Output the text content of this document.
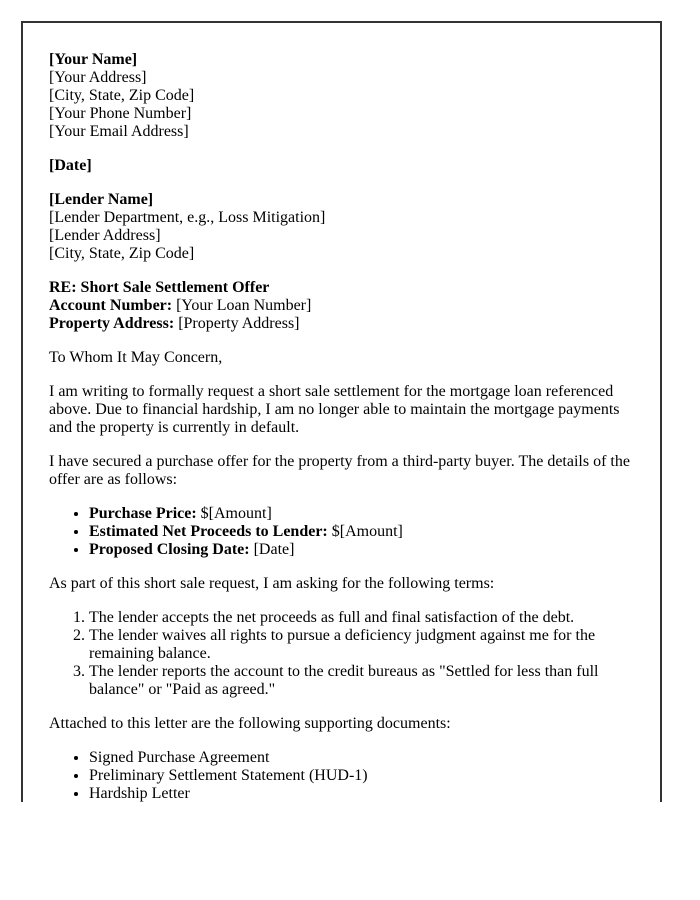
[Your Name]
[Your Address]
[City, State, Zip Code]
[Your Phone Number]
[Your Email Address]

[Date]

[Lender Name]
[Lender Department, e.g., Loss Mitigation]
[Lender Address]
[City, State, Zip Code]

RE: Short Sale Settlement Offer
Account Number: [Your Loan Number]
Property Address: [Property Address]

To Whom It May Concern,

I am writing to formally request a short sale settlement for the mortgage loan referenced above. Due to financial hardship, I am no longer able to maintain the mortgage payments and the property is currently in default.

I have secured a purchase offer for the property from a third-party buyer. The details of the offer are as follows:

• Purchase Price: $[Amount]
• Estimated Net Proceeds to Lender: $[Amount]
• Proposed Closing Date: [Date]

As part of this short sale request, I am asking for the following terms:

1. The lender accepts the net proceeds as full and final satisfaction of the debt.
2. The lender waives all rights to pursue a deficiency judgment against me for the remaining balance.
3. The lender reports the account to the credit bureaus as "Settled for less than full balance" or "Paid as agreed."

Attached to this letter are the following supporting documents:

• Signed Purchase Agreement
• Preliminary Settlement Statement (HUD-1)
• Hardship Letter
